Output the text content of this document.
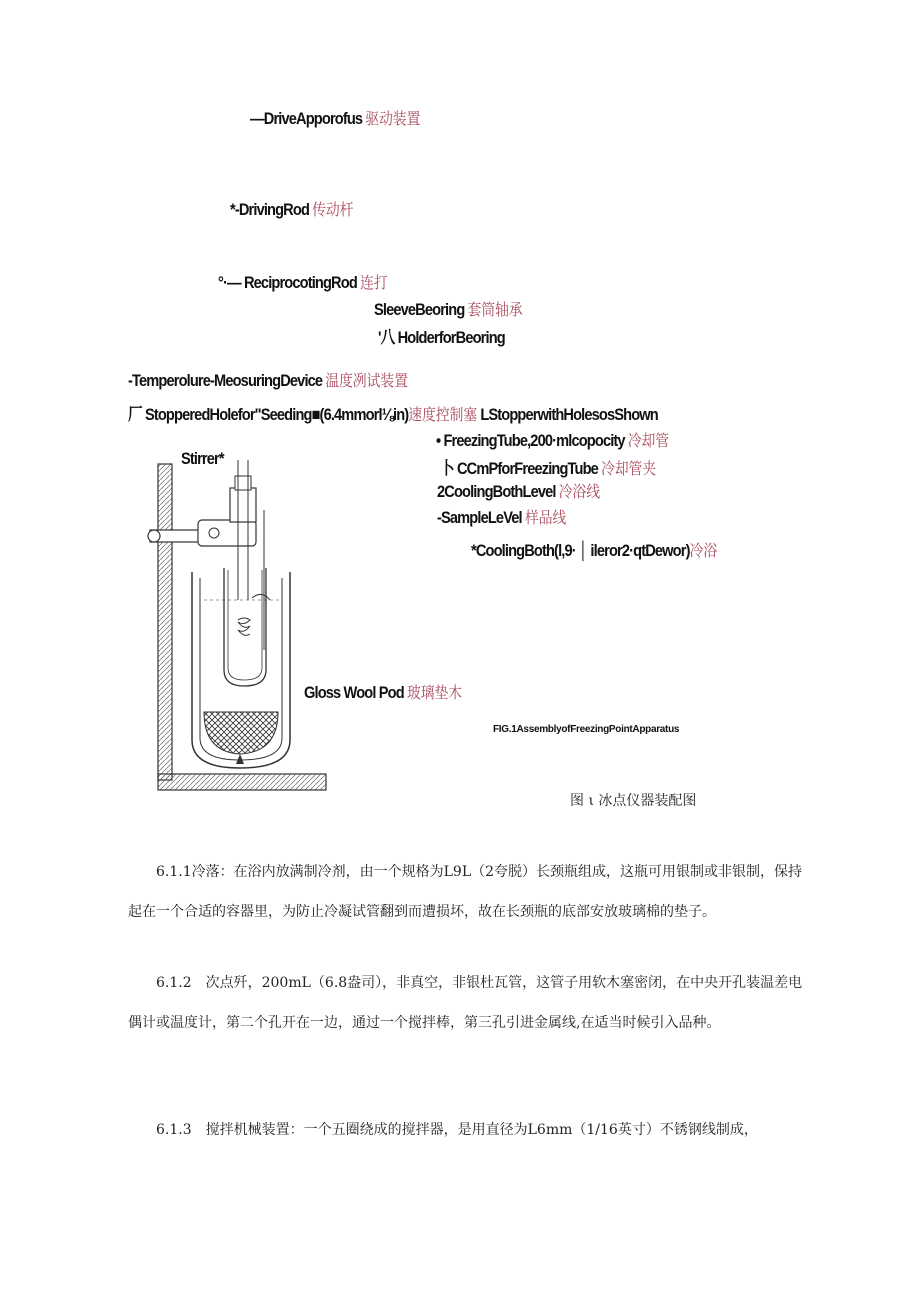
—DriveApporofus 驱动装置
*-DrivingRod 传动杆
°·— ReciprocotingRod 连打
SleeveBeoring 套筒轴承
'八 HolderforBeoring
-Temperolure-MeosuringDevice 温度冽试装置
厂 StopperedHolefor"Seeding■(6.4mmorl⅛in)速度控制塞 LStopperwithHolesosShown
Stirrer*
• FreezingTube,200·mlcopocity 冷却管
卜 CCmPforFreezingTube 冷却管夹
2CoolingBothLevel 冷浴线
-SampleLeVel 样品线
*CoolingBoth(l,9· │ ileror2·qtDewor)冷浴
Gloss Wool Pod 玻璃垫木
FIG.1AssemblyofFreezingPointApparatus
图 ι 冰点仪器装配图

6.1.1冷落：在浴内放满制冷剂，由一个规格为L9L（2夸脱）长颈瓶组成，这瓶可用银制或非银制，保持起在一个合适的容器里，为防止冷凝试管翻到而遭损坏，故在长颈瓶的底部安放玻璃棉的垫子。

6.1.2　次点歼，200mL（6.8盎司），非真空，非银杜瓦管，这管子用软木塞密闭，在中央开孔装温差电偶计或温度计，第二个孔开在一边，通过一个搅拌棒，第三孔引进金属线,在适当时候引入品种。

6.1.3　搅拌机械装置：一个五圈绕成的搅拌器，是用直径为L6mm（1/16英寸）不锈钢线制成，
